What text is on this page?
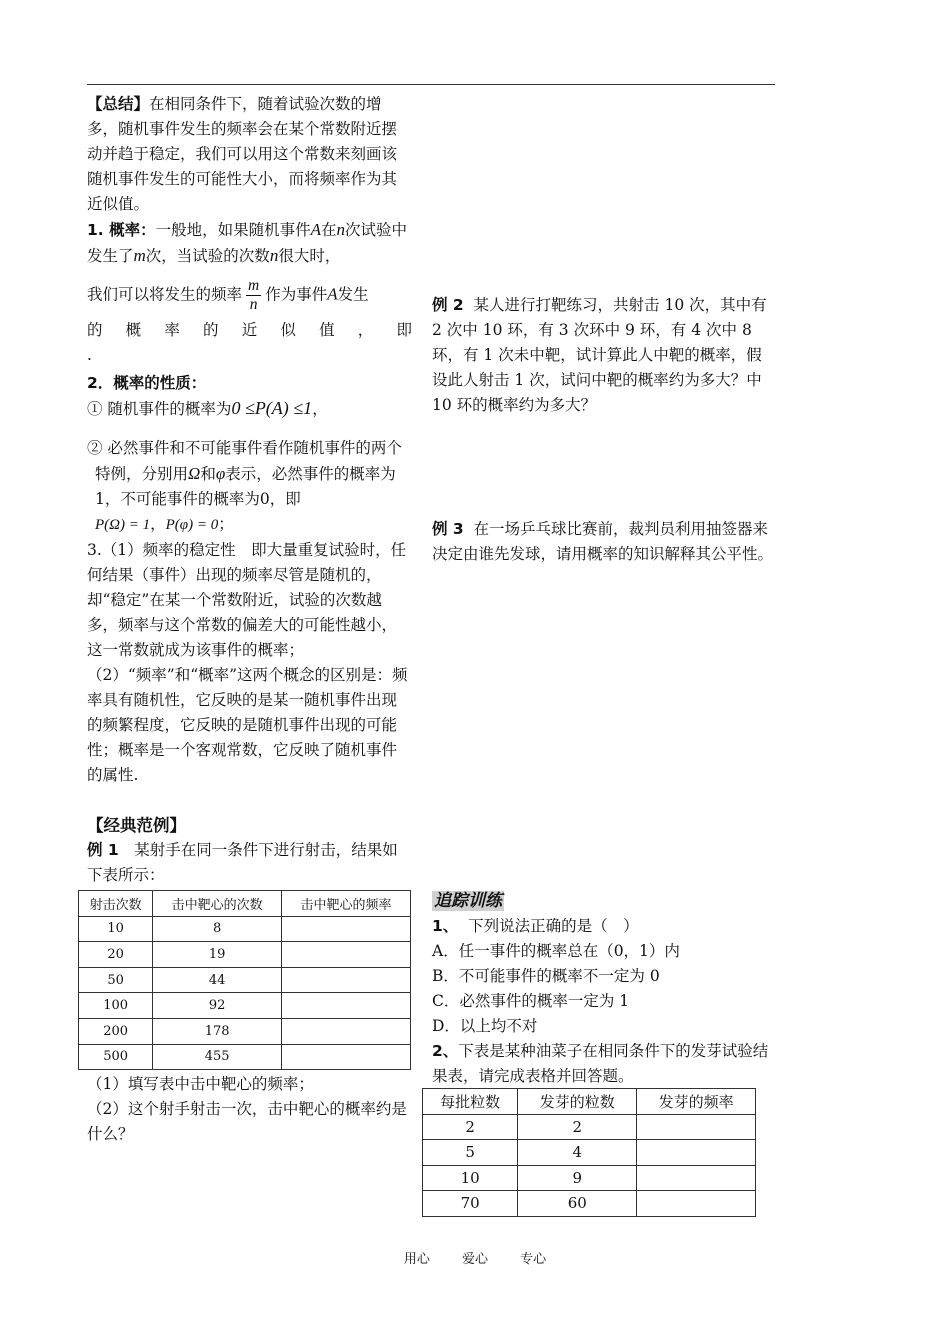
【总结】在相同条件下，随着试验次数的增多，随机事件发生的频率会在某个常数附近摆动并趋于稳定，我们可以用这个常数来刻画该随机事件发生的可能性大小，而将频率作为其近似值。

1. 概率：一般地，如果随机事件A在n次试验中发生了m次，当试验的次数n很大时，

我们可以将发生的频率 $\frac{m}{n}$ 作为事件A发生

的 概 率 的 近 似 值 ， 即

.

2．概率的性质：

① 随机事件的概率为0 ≤P(A) ≤1，

② 必然事件和不可能事件看作随机事件的两个特例，分别用Ω和φ表示，必然事件的概率为1，不可能事件的概率为0，即
P(Ω) = 1，P(φ) = 0；

3.（1）频率的稳定性　即大量重复试验时，任何结果（事件）出现的频率尽管是随机的，却“稳定”在某一个常数附近，试验的次数越多，频率与这个常数的偏差大的可能性越小，这一常数就成为该事件的概率；

（2）“频率”和“概率”这两个概念的区别是：频率具有随机性，它反映的是某一随机事件出现的频繁程度，它反映的是随机事件出现的可能性；概率是一个客观常数，它反映了随机事件的属性.

【经典范例】

例 1　某射手在同一条件下进行射击，结果如下表所示：

射击次数	击中靶心的次数	击中靶心的频率
10	8	
20	19	
50	44	
100	92	
200	178	
500	455	

（1）填写表中击中靶心的频率；

（2）这个射手射击一次，击中靶心的概率约是什么？

例 2 某人进行打靶练习，共射击 10 次，其中有 2 次中 10 环，有 3 次环中 9 环，有 4 次中 8 环，有 1 次未中靶，试计算此人中靶的概率，假设此人射击 1 次，试问中靶的概率约为多大？中 10 环的概率约为多大？

例 3 在一场乒乓球比赛前，裁判员利用抽签器来决定由谁先发球，请用概率的知识解释其公平性。

追踪训练

1、 下列说法正确的是（　）

A．任一事件的概率总在（0，1）内

B．不可能事件的概率不一定为 0

C．必然事件的概率一定为 1

D．以上均不对

2、下表是某种油菜子在相同条件下的发芽试验结果表，请完成表格并回答题。

每批粒数	发芽的粒数	发芽的频率
2	2	
5	4	
10	9	
70	60	
用心 爱心 专心
